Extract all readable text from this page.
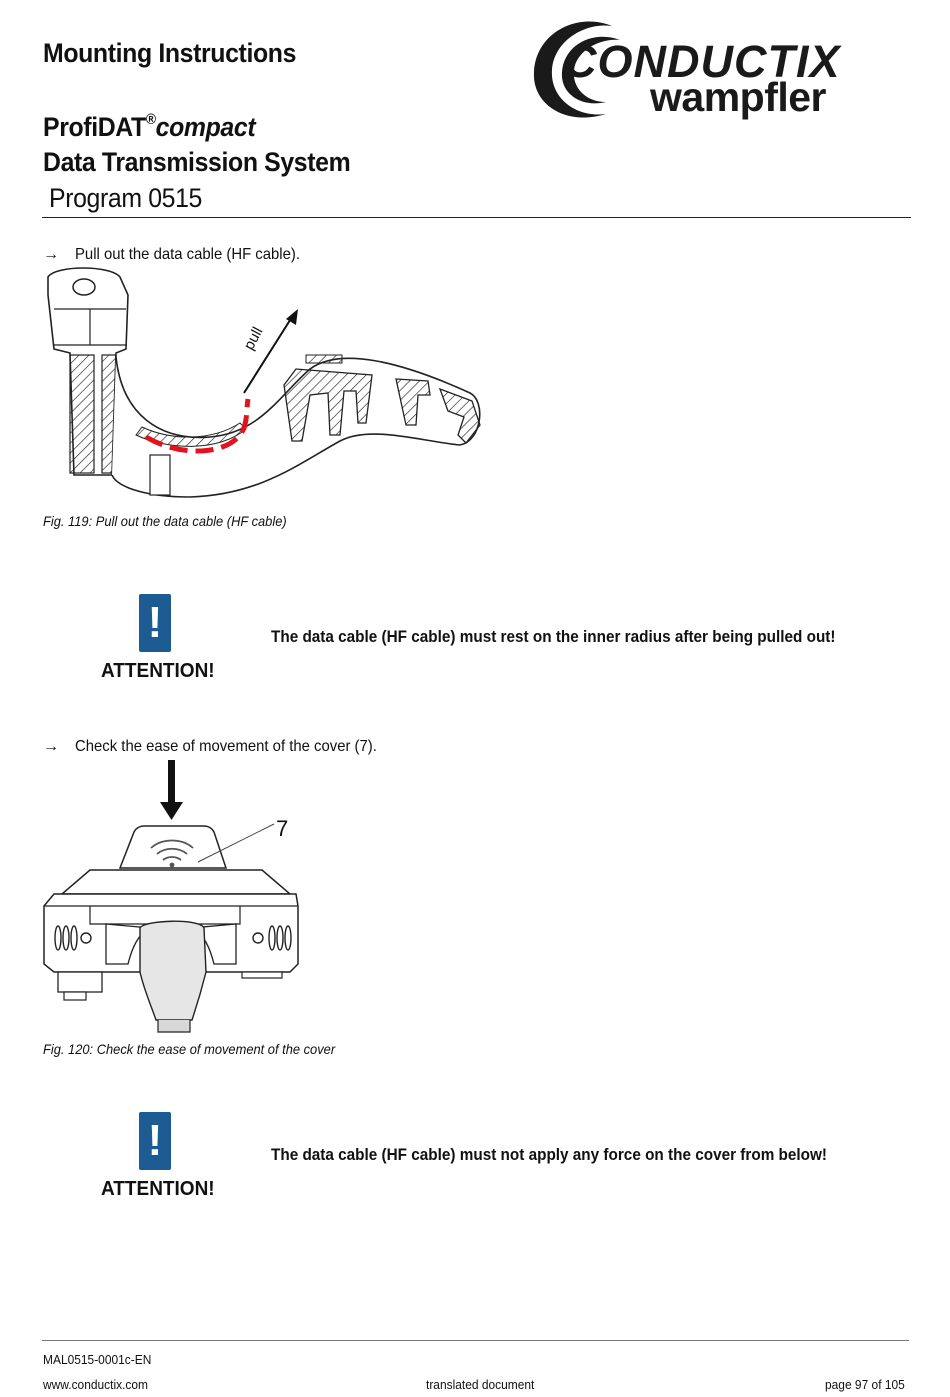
Mounting Instructions
ProfiDAT®compact
Data Transmission System
Program 0515
CONDUCTIX
wampfler
→ Pull out the data cable (HF cable).
pull
Fig. 119: Pull out the data cable (HF cable)
!
ATTENTION!
The data cable (HF cable) must rest on the inner radius after being pulled out!
→ Check the ease of movement of the cover (7).
7
Fig. 120: Check the ease of movement of the cover
!
ATTENTION!
The data cable (HF cable) must not apply any force on the cover from below!
MAL0515-0001c-EN
www.conductix.com	translated document	page 97 of 105
